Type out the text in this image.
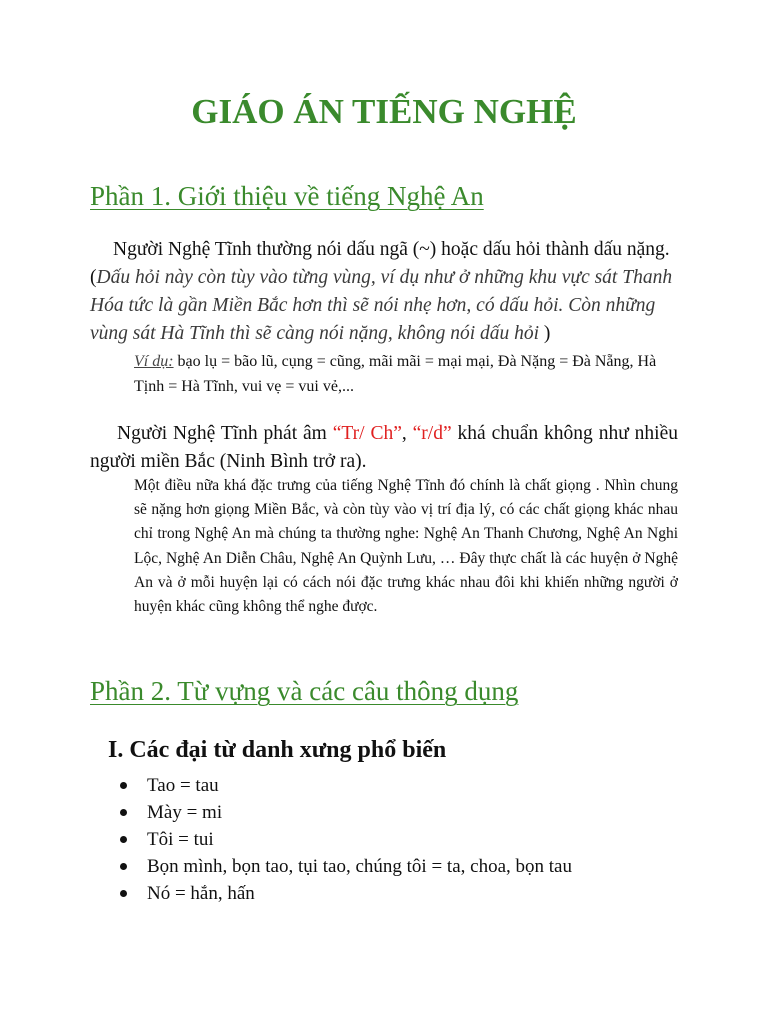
GIÁO ÁN TIẾNG NGHỆ
Phần 1. Giới thiệu về tiếng Nghệ An

Người Nghệ Tĩnh thường nói dấu ngã (~) hoặc dấu hỏi thành dấu nặng. (Dấu hỏi này còn tùy vào từng vùng, ví dụ như ở những khu vực sát Thanh Hóa tức là gần Miền Bắc hơn thì sẽ nói nhẹ hơn, có dấu hỏi. Còn những vùng sát Hà Tĩnh thì sẽ càng nói nặng, không nói dấu hỏi )

Ví dụ: bạo lụ = bão lũ, cụng = cũng, mãi mãi = mại mại, Đà Nặng = Đà Nẵng, Hà Tịnh = Hà Tĩnh, vui vẹ = vui vẻ,...

Người Nghệ Tĩnh phát âm “Tr/ Ch”, “r/d” khá chuẩn không như nhiều người miền Bắc (Ninh Bình trở ra).

Một điều nữa khá đặc trưng của tiếng Nghệ Tĩnh đó chính là chất giọng . Nhìn chung sẽ nặng hơn giọng Miền Bắc, và còn tùy vào vị trí địa lý, có các chất giọng khác nhau chỉ trong Nghệ An mà chúng ta thường nghe: Nghệ An Thanh Chương, Nghệ An Nghi Lộc, Nghệ An Diễn Châu, Nghệ An Quỳnh Lưu, … Đây thực chất là các huyện ở Nghệ An và ở mỗi huyện lại có cách nói đặc trưng khác nhau đôi khi khiến những người ở huyện khác cũng không thể nghe được.

Phần 2. Từ vựng và các câu thông dụng
I. Các đại từ danh xưng phổ biến
Tao = tau
Mày = mi
Tôi = tui
Bọn mình, bọn tao, tụi tao, chúng tôi = ta, choa, bọn tau
Nó = hắn, hấn
